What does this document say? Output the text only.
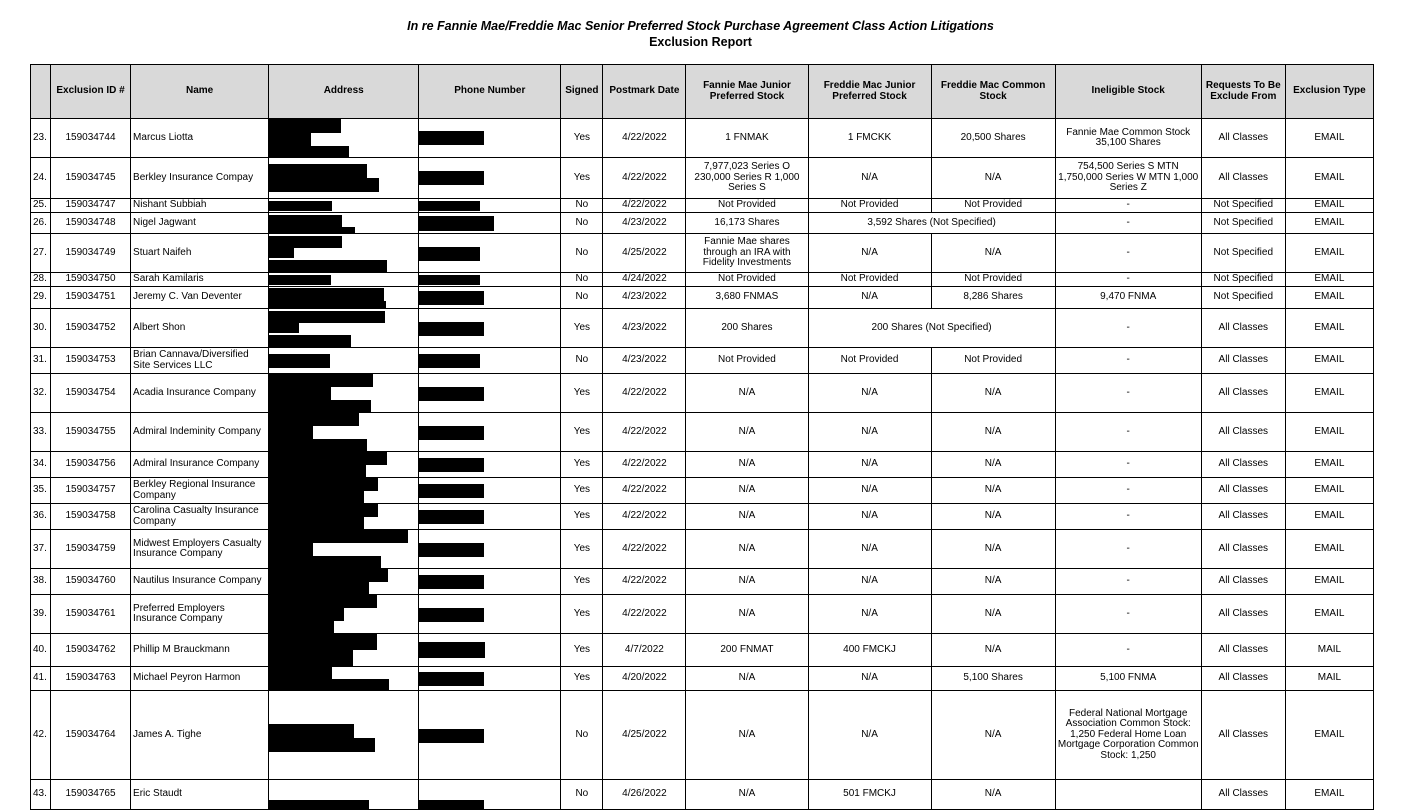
In re Fannie Mae/Freddie Mac Senior Preferred Stock Purchase Agreement Class Action Litigations
Exclusion Report
	Exclusion ID #	Name	Address	Phone Number	Signed	Postmark Date	Fannie Mae Junior Preferred Stock	Freddie Mac Junior Preferred Stock	Freddie Mac Common Stock	Ineligible Stock	Requests To Be Exclude From	Exclusion Type
23.	159034744	Marcus Liotta			Yes	4/22/2022	1 FNMAK	1 FMCKK	20,500 Shares	Fannie Mae Common Stock 35,100 Shares	All Classes	EMAIL
24.	159034745	Berkley Insurance Compay			Yes	4/22/2022	7,977,023 Series O 230,000 Series R 1,000 Series S	N/A	N/A	754,500 Series S MTN 1,750,000 Series W MTN 1,000 Series Z	All Classes	EMAIL
25.	159034747	Nishant Subbiah			No	4/22/2022	Not Provided	Not Provided	Not Provided	-	Not Specified	EMAIL
26.	159034748	Nigel Jagwant			No	4/23/2022	16,173 Shares	3,592 Shares (Not Specified)		-	Not Specified	EMAIL
27.	159034749	Stuart Naifeh			No	4/25/2022	Fannie Mae shares through an IRA with Fidelity Investments	N/A	N/A	-	Not Specified	EMAIL
28.	159034750	Sarah Kamilaris			No	4/24/2022	Not Provided	Not Provided	Not Provided	-	Not Specified	EMAIL
29.	159034751	Jeremy C. Van Deventer			No	4/23/2022	3,680 FNMAS	N/A	8,286 Shares	9,470 FNMA	Not Specified	EMAIL
30.	159034752	Albert Shon			Yes	4/23/2022	200 Shares	200 Shares (Not Specified)		-	All Classes	EMAIL
31.	159034753	Brian Cannava/Diversified Site Services LLC			No	4/23/2022	Not Provided	Not Provided	Not Provided	-	All Classes	EMAIL
32.	159034754	Acadia Insurance Company			Yes	4/22/2022	N/A	N/A	N/A	-	All Classes	EMAIL
33.	159034755	Admiral Indeminity Company			Yes	4/22/2022	N/A	N/A	N/A	-	All Classes	EMAIL
34.	159034756	Admiral Insurance Company			Yes	4/22/2022	N/A	N/A	N/A	-	All Classes	EMAIL
35.	159034757	Berkley Regional Insurance Company			Yes	4/22/2022	N/A	N/A	N/A	-	All Classes	EMAIL
36.	159034758	Carolina Casualty Insurance Company			Yes	4/22/2022	N/A	N/A	N/A	-	All Classes	EMAIL
37.	159034759	Midwest Employers Casualty Insurance Company			Yes	4/22/2022	N/A	N/A	N/A	-	All Classes	EMAIL
38.	159034760	Nautilus Insurance Company			Yes	4/22/2022	N/A	N/A	N/A	-	All Classes	EMAIL
39.	159034761	Preferred Employers Insurance Company			Yes	4/22/2022	N/A	N/A	N/A	-	All Classes	EMAIL
40.	159034762	Phillip M Brauckmann			Yes	4/7/2022	200 FNMAT	400 FMCKJ	N/A	-	All Classes	MAIL
41.	159034763	Michael Peyron Harmon			Yes	4/20/2022	N/A	N/A	5,100 Shares	5,100 FNMA	All Classes	MAIL
42.	159034764	James A. Tighe			No	4/25/2022	N/A	N/A	N/A	Federal National Mortgage Association Common Stock: 1,250 Federal Home Loan Mortgage Corporation Common Stock: 1,250	All Classes	EMAIL
43.	159034765	Eric Staudt			No	4/26/2022	N/A	501 FMCKJ	N/A		All Classes	EMAIL
